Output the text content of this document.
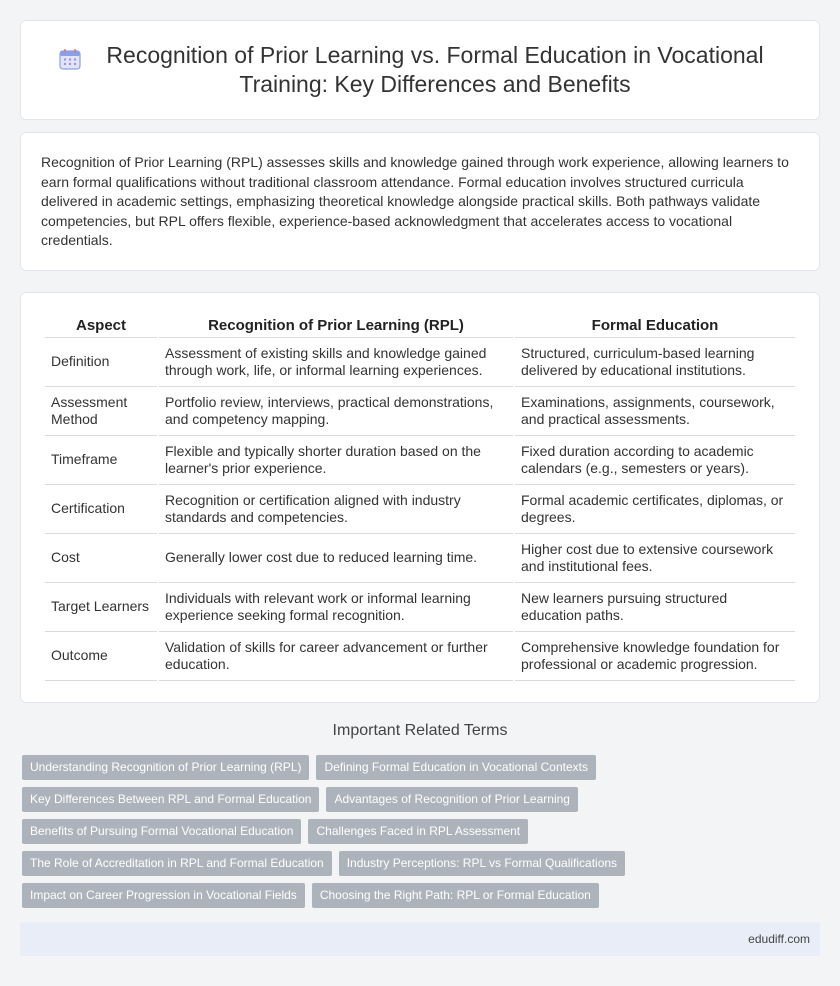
Recognition of Prior Learning vs. Formal Education in Vocational Training: Key Differences and Benefits

Recognition of Prior Learning (RPL) assesses skills and knowledge gained through work experience, allowing learners to earn formal qualifications without traditional classroom attendance. Formal education involves structured curricula delivered in academic settings, emphasizing theoretical knowledge alongside practical skills. Both pathways validate competencies, but RPL offers flexible, experience-based acknowledgment that accelerates access to vocational credentials.

Aspect	Recognition of Prior Learning (RPL)	Formal Education
Definition	Assessment of existing skills and knowledge gained through work, life, or informal learning experiences.	Structured, curriculum-based learning delivered by educational institutions.
Assessment Method	Portfolio review, interviews, practical demonstrations, and competency mapping.	Examinations, assignments, coursework, and practical assessments.
Timeframe	Flexible and typically shorter duration based on the learner's prior experience.	Fixed duration according to academic calendars (e.g., semesters or years).
Certification	Recognition or certification aligned with industry standards and competencies.	Formal academic certificates, diplomas, or degrees.
Cost	Generally lower cost due to reduced learning time.	Higher cost due to extensive coursework and institutional fees.
Target Learners	Individuals with relevant work or informal learning experience seeking formal recognition.	New learners pursuing structured education paths.
Outcome	Validation of skills for career advancement or further education.	Comprehensive knowledge foundation for professional or academic progression.
Important Related Terms
Understanding Recognition of Prior Learning (RPL)	Defining Formal Education in Vocational Contexts
Key Differences Between RPL and Formal Education	Advantages of Recognition of Prior Learning
Benefits of Pursuing Formal Vocational Education	Challenges Faced in RPL Assessment
The Role of Accreditation in RPL and Formal Education	Industry Perceptions: RPL vs Formal Qualifications
Impact on Career Progression in Vocational Fields	Choosing the Right Path: RPL or Formal Education
edudiff.com
